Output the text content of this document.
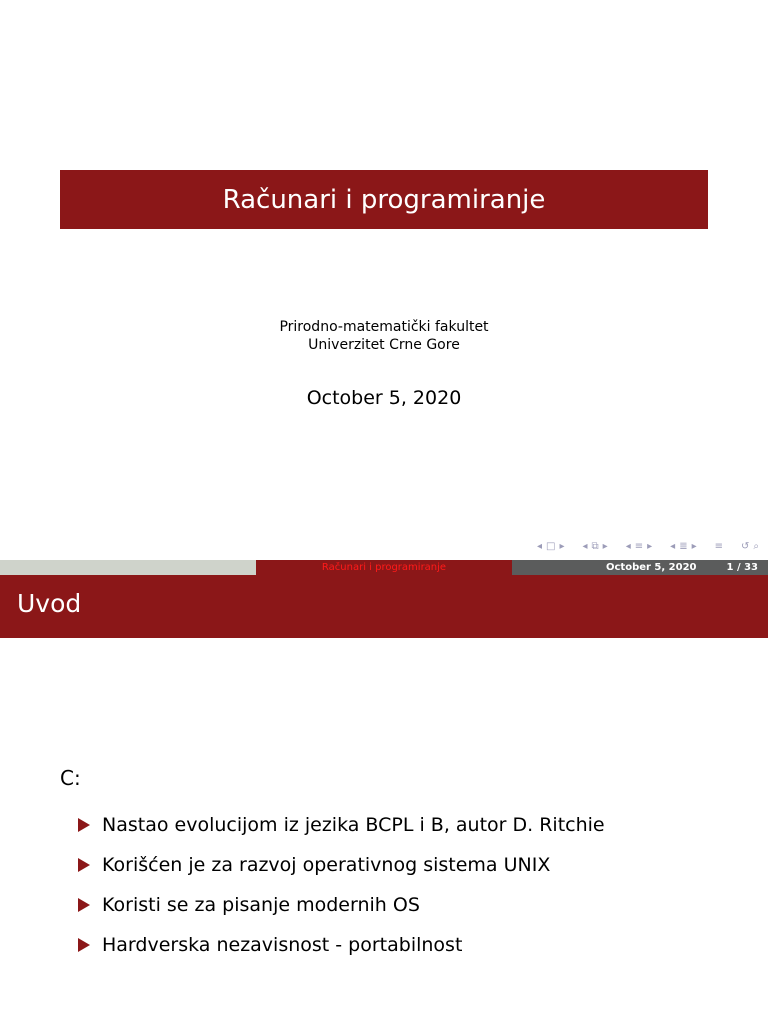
Računari i programiranje
Prirodno-matematički fakultet
Univerzitet Crne Gore
October 5, 2020
◂ □ ▸ ◂ ⧉ ▸ ◂ ≡ ▸ ◂ ≣ ▸ ≡ ↺ ⌕
Računari i programiranje	October 5, 2020	1 / 33
Uvod
C:
Nastao evolucijom iz jezika BCPL i B, autor D. Ritchie
Korišćen je za razvoj operativnog sistema UNIX
Koristi se za pisanje modernih OS
Hardverska nezavisnost - portabilnost
